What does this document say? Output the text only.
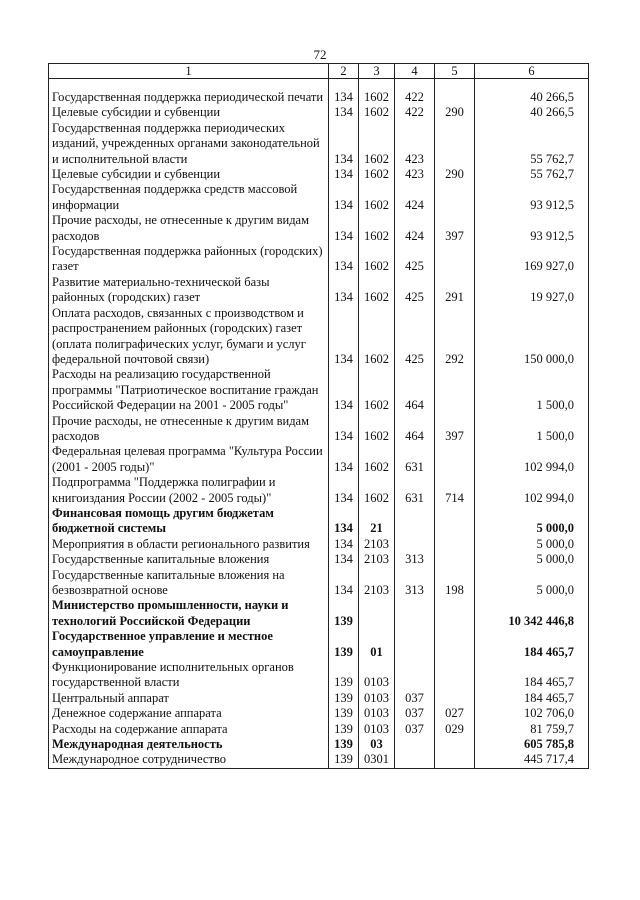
72
1	2	3	4	5	6

Государственная поддержка периодической печати	134	1602	422		40 266,5
Целевые субсидии и субвенции	134	1602	422	290	40 266,5
Государственная поддержка периодических изданий, учрежденных органами законодательной и исполнительной власти	134	1602	423		55 762,7
Целевые субсидии и субвенции	134	1602	423	290	55 762,7
Государственная поддержка средств массовой информации	134	1602	424		93 912,5
Прочие расходы, не отнесенные к другим видам расходов	134	1602	424	397	93 912,5
Государственная поддержка районных (городских) газет	134	1602	425		169 927,0
Развитие материально-технической базы районных (городских) газет	134	1602	425	291	19 927,0
Оплата расходов, связанных с производством и распространением районных (городских) газет (оплата полиграфических услуг, бумаги и услуг федеральной почтовой связи)	134	1602	425	292	150 000,0
Расходы на реализацию государственной программы "Патриотическое воспитание граждан Российской Федерации на 2001 - 2005 годы"	134	1602	464		1 500,0
Прочие расходы, не отнесенные к другим видам расходов	134	1602	464	397	1 500,0
Федеральная целевая программа "Культура России (2001 - 2005 годы)"	134	1602	631		102 994,0
Подпрограмма "Поддержка полиграфии и книгоиздания России (2002 - 2005 годы)"	134	1602	631	714	102 994,0
Финансовая помощь другим бюджетам бюджетной системы	134	21			5 000,0
Мероприятия в области регионального развития	134	2103			5 000,0
Государственные капитальные вложения	134	2103	313		5 000,0
Государственные капитальные вложения на безвозвратной основе	134	2103	313	198	5 000,0
Министерство промышленности, науки и технологий Российской Федерации	139				10 342 446,8
Государственное управление и местное самоуправление	139	01			184 465,7
Функционирование исполнительных органов государственной власти	139	0103			184 465,7
Центральный аппарат	139	0103	037		184 465,7
Денежное содержание аппарата	139	0103	037	027	102 706,0
Расходы на содержание аппарата	139	0103	037	029	81 759,7
Международная деятельность	139	03			605 785,8
Международное сотрудничество	139	0301			445 717,4
